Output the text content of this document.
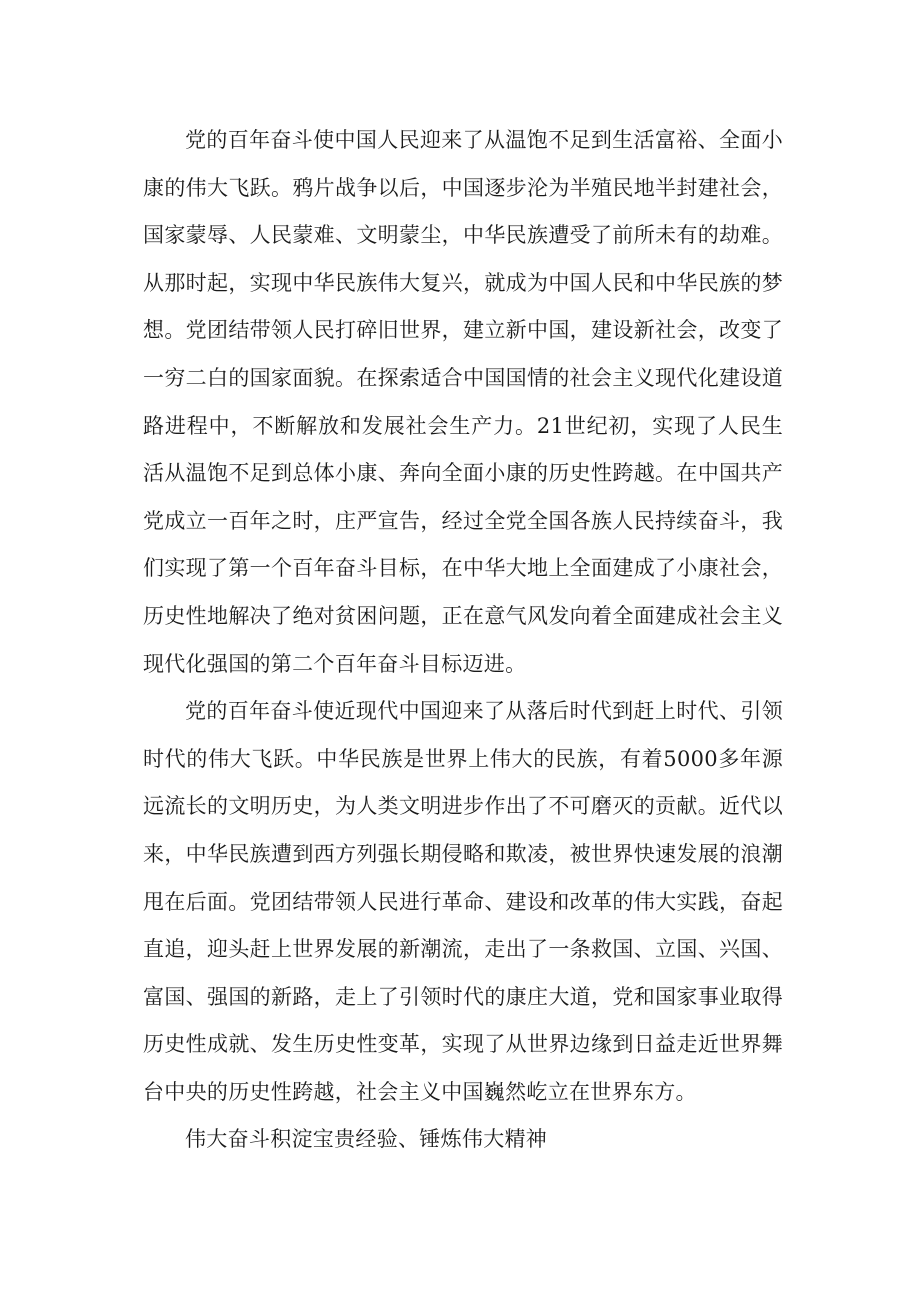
党的百年奋斗使中国人民迎来了从温饱不足到生活富裕、全面小康的伟大飞跃。鸦片战争以后，中国逐步沦为半殖民地半封建社会，国家蒙辱、人民蒙难、文明蒙尘，中华民族遭受了前所未有的劫难。从那时起，实现中华民族伟大复兴，就成为中国人民和中华民族的梦想。党团结带领人民打碎旧世界，建立新中国，建设新社会，改变了一穷二白的国家面貌。在探索适合中国国情的社会主义现代化建设道路进程中，不断解放和发展社会生产力。21世纪初，实现了人民生活从温饱不足到总体小康、奔向全面小康的历史性跨越。在中国共产党成立一百年之时，庄严宣告，经过全党全国各族人民持续奋斗，我们实现了第一个百年奋斗目标，在中华大地上全面建成了小康社会，历史性地解决了绝对贫困问题，正在意气风发向着全面建成社会主义现代化强国的第二个百年奋斗目标迈进。

党的百年奋斗使近现代中国迎来了从落后时代到赶上时代、引领时代的伟大飞跃。中华民族是世界上伟大的民族，有着5000多年源远流长的文明历史，为人类文明进步作出了不可磨灭的贡献。近代以来，中华民族遭到西方列强长期侵略和欺凌，被世界快速发展的浪潮甩在后面。党团结带领人民进行革命、建设和改革的伟大实践，奋起直追，迎头赶上世界发展的新潮流，走出了一条救国、立国、兴国、富国、强国的新路，走上了引领时代的康庄大道，党和国家事业取得历史性成就、发生历史性变革，实现了从世界边缘到日益走近世界舞台中央的历史性跨越，社会主义中国巍然屹立在世界东方。

伟大奋斗积淀宝贵经验、锤炼伟大精神
